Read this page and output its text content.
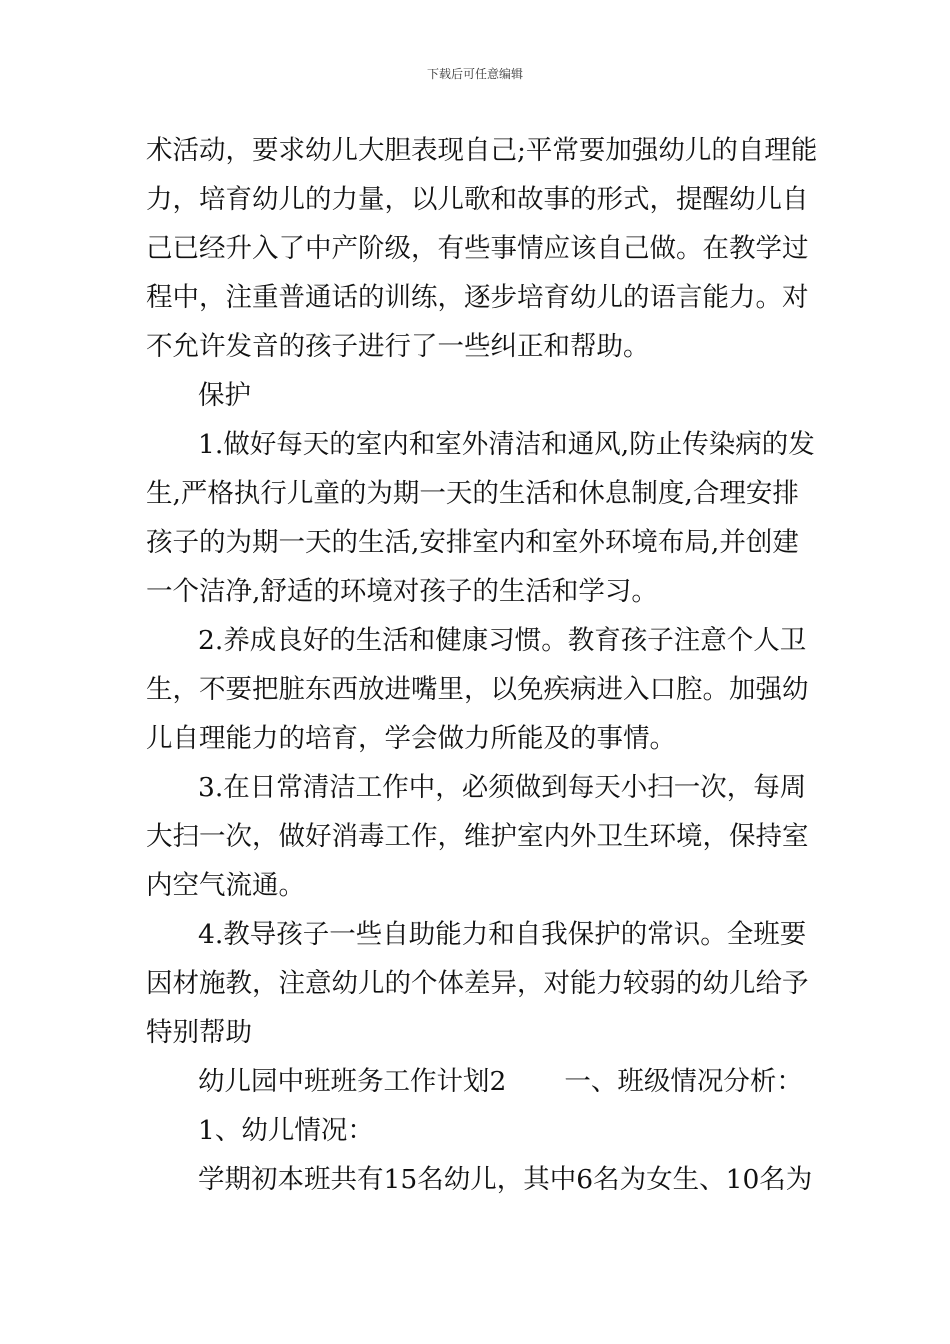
下载后可任意编辑

术活动，要求幼儿大胆表现自己;平常要加强幼儿的自理能

力，培育幼儿的力量，以儿歌和故事的形式，提醒幼儿自

己已经升入了中产阶级，有些事情应该自己做。在教学过

程中，注重普通话的训练，逐步培育幼儿的语言能力。对

不允许发音的孩子进行了一些纠正和帮助。

保护

1.做好每天的室内和室外清洁和通风,防止传染病的发

生,严格执行儿童的为期一天的生活和休息制度,合理安排

孩子的为期一天的生活,安排室内和室外环境布局,并创建

一个洁净,舒适的环境对孩子的生活和学习。

2.养成良好的生活和健康习惯。教育孩子注意个人卫

生，不要把脏东西放进嘴里，以免疾病进入口腔。加强幼

儿自理能力的培育，学会做力所能及的事情。

3.在日常清洁工作中，必须做到每天小扫一次，每周

大扫一次，做好消毒工作，维护室内外卫生环境，保持室

内空气流通。

4.教导孩子一些自助能力和自我保护的常识。全班要

因材施教，注意幼儿的个体差异，对能力较弱的幼儿给予

特别帮助

幼儿园中班班务工作计划2 一、班级情况分析：

1、幼儿情况：

学期初本班共有15名幼儿，其中6名为女生、10名为
